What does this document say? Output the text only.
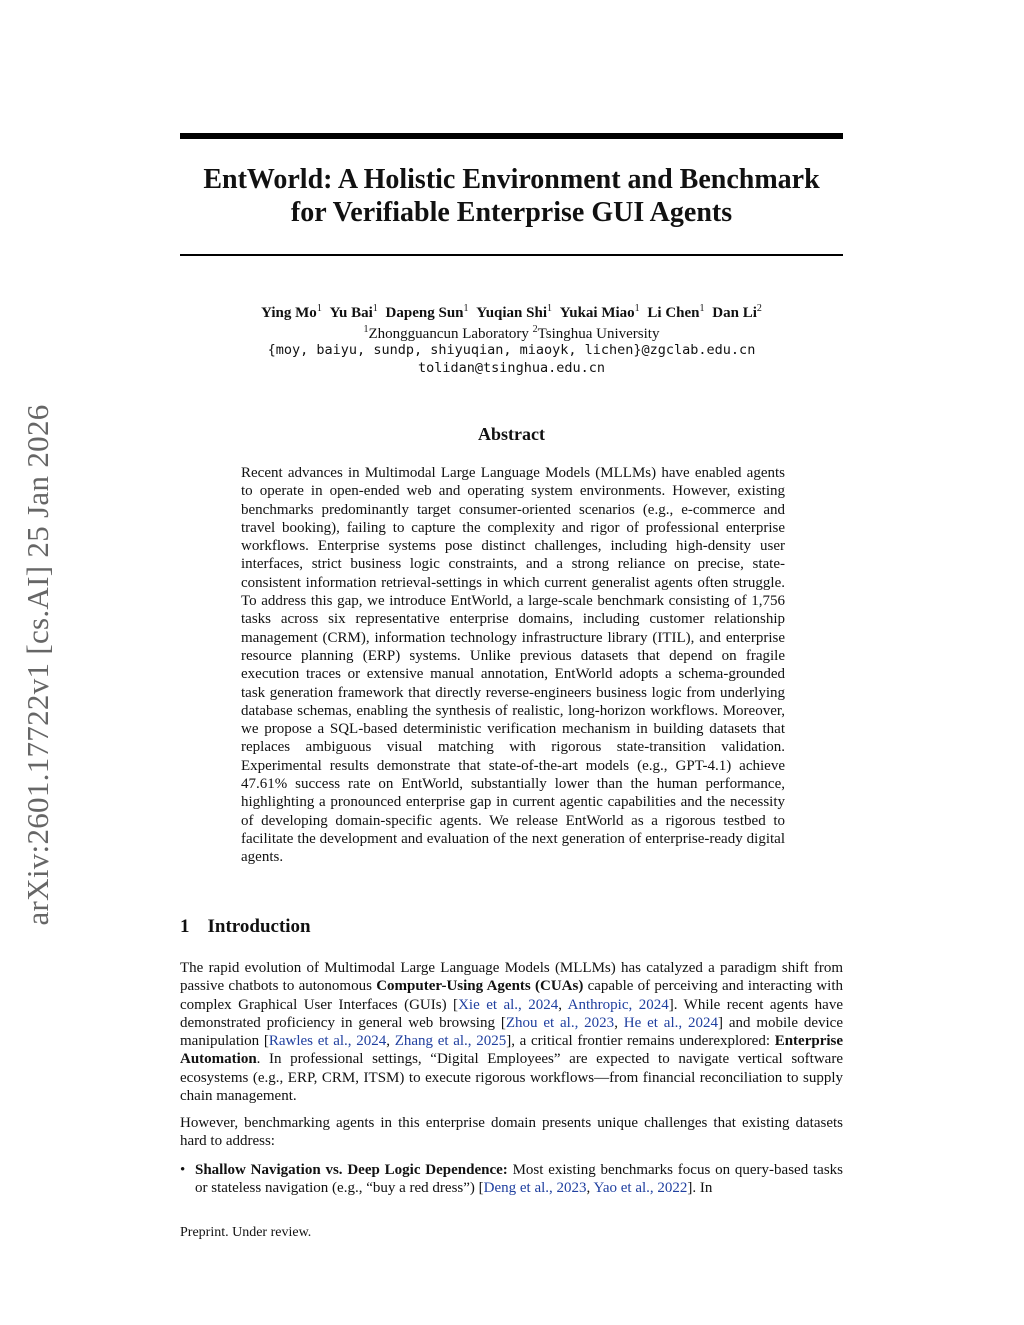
arXiv:2601.17722v1 [cs.AI] 25 Jan 2026
EntWorld: A Holistic Environment and Benchmark
for Verifiable Enterprise GUI Agents
Ying Mo$^1$ Yu Bai$^1$ Dapeng Sun$^1$ Yuqian Shi$^1$ Yukai Miao$^1$ Li Chen$^1$ Dan Li$^2$
$^1$Zhongguancun Laboratory $^2$Tsinghua University
{moy, baiyu, sundp, shiyuqian, miaoyk, lichen}@zgclab.edu.cn
tolidan@tsinghua.edu.cn
Abstract
Recent advances in Multimodal Large Language Models (MLLMs) have enabled agents to operate in open-ended web and operating system environments. However, existing benchmarks predominantly target consumer-oriented scenarios (e.g., e-commerce and travel booking), failing to capture the complexity and rigor of professional enterprise workflows. Enterprise systems pose distinct challenges, including high-density user interfaces, strict business logic constraints, and a strong reliance on precise, state-consistent information retrieval-settings in which current generalist agents often struggle. To address this gap, we introduce EntWorld, a large-scale benchmark consisting of 1,756 tasks across six representative enterprise domains, including customer relationship management (CRM), information technology infrastructure library (ITIL), and enterprise resource planning (ERP) systems. Unlike previous datasets that depend on fragile execution traces or extensive manual annotation, EntWorld adopts a schema-grounded task generation framework that directly reverse-engineers business logic from underlying database schemas, enabling the synthesis of realistic, long-horizon workflows. Moreover, we propose a SQL-based deterministic verification mechanism in building datasets that replaces ambiguous visual matching with rigorous state-transition validation. Experimental results demonstrate that state-of-the-art models (e.g., GPT-4.1) achieve 47.61% success rate on EntWorld, substantially lower than the human performance, highlighting a pronounced enterprise gap in current agentic capabilities and the necessity of developing domain-specific agents. We release EntWorld as a rigorous testbed to facilitate the development and evaluation of the next generation of enterprise-ready digital agents.
1 Introduction

The rapid evolution of Multimodal Large Language Models (MLLMs) has catalyzed a paradigm shift from passive chatbots to autonomous Computer-Using Agents (CUAs) capable of perceiving and interacting with complex Graphical User Interfaces (GUIs) [Xie et al., 2024, Anthropic, 2024]. While recent agents have demonstrated proficiency in general web browsing [Zhou et al., 2023, He et al., 2024] and mobile device manipulation [Rawles et al., 2024, Zhang et al., 2025], a critical frontier remains underexplored: Enterprise Automation. In professional settings, “Digital Employees” are expected to navigate vertical software ecosystems (e.g., ERP, CRM, ITSM) to execute rigorous workflows—from financial reconciliation to supply chain management.

However, benchmarking agents in this enterprise domain presents unique challenges that existing datasets hard to address:
• Shallow Navigation vs. Deep Logic Dependence: Most existing benchmarks focus on query-based tasks or stateless navigation (e.g., “buy a red dress”) [Deng et al., 2023, Yao et al., 2022]. In
Preprint. Under review.
